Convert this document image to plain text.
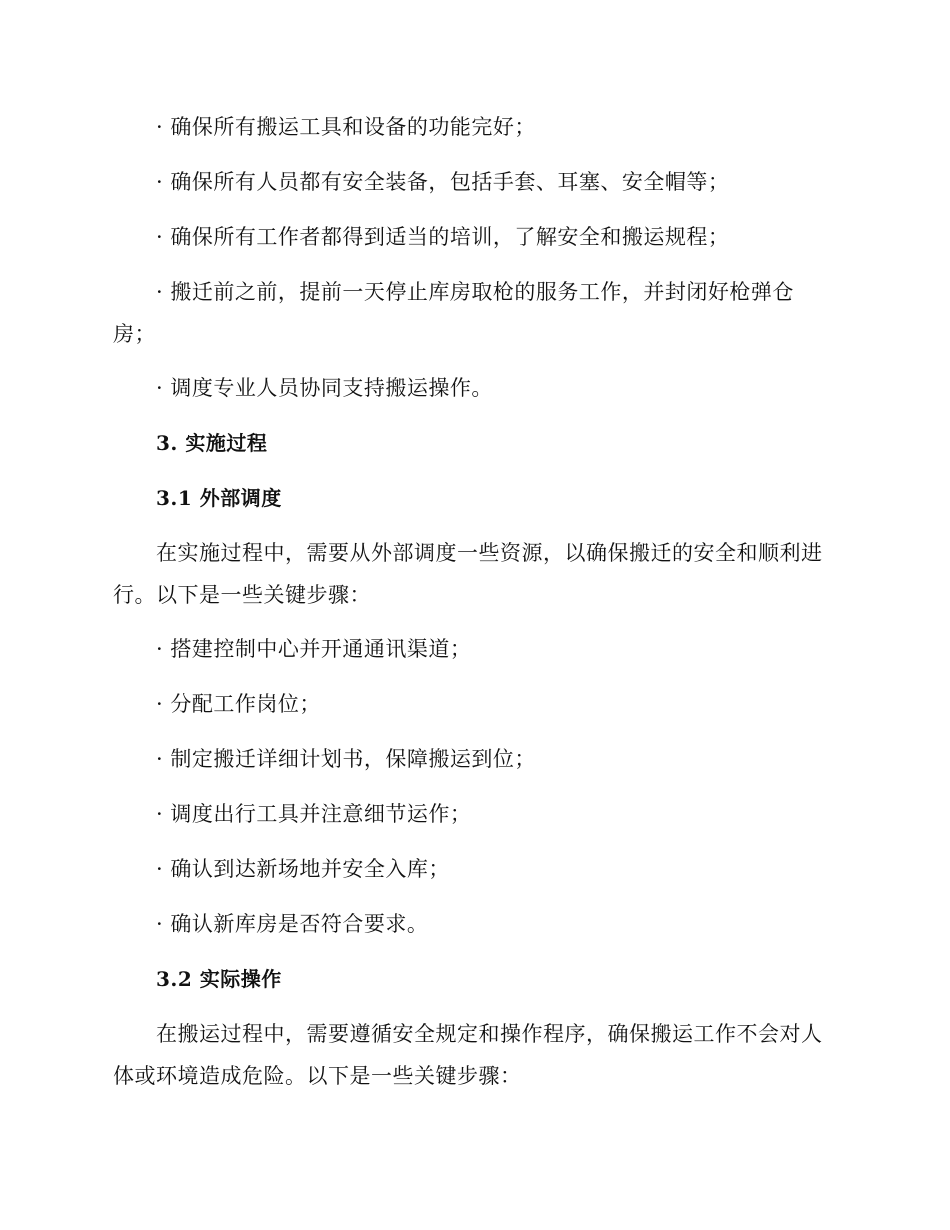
· 确保所有搬运工具和设备的功能完好；
· 确保所有人员都有安全装备，包括手套、耳塞、安全帽等；
· 确保所有工作者都得到适当的培训，了解安全和搬运规程；
· 搬迁前之前，提前一天停止库房取枪的服务工作，并封闭好枪弹仓
房；
· 调度专业人员协同支持搬运操作。
3. 实施过程
3.1 外部调度
在实施过程中，需要从外部调度一些资源，以确保搬迁的安全和顺利进
行。以下是一些关键步骤：
· 搭建控制中心并开通通讯渠道；
· 分配工作岗位；
· 制定搬迁详细计划书，保障搬运到位；
· 调度出行工具并注意细节运作；
· 确认到达新场地并安全入库；
· 确认新库房是否符合要求。
3.2 实际操作
在搬运过程中，需要遵循安全规定和操作程序，确保搬运工作不会对人
体或环境造成危险。以下是一些关键步骤：
